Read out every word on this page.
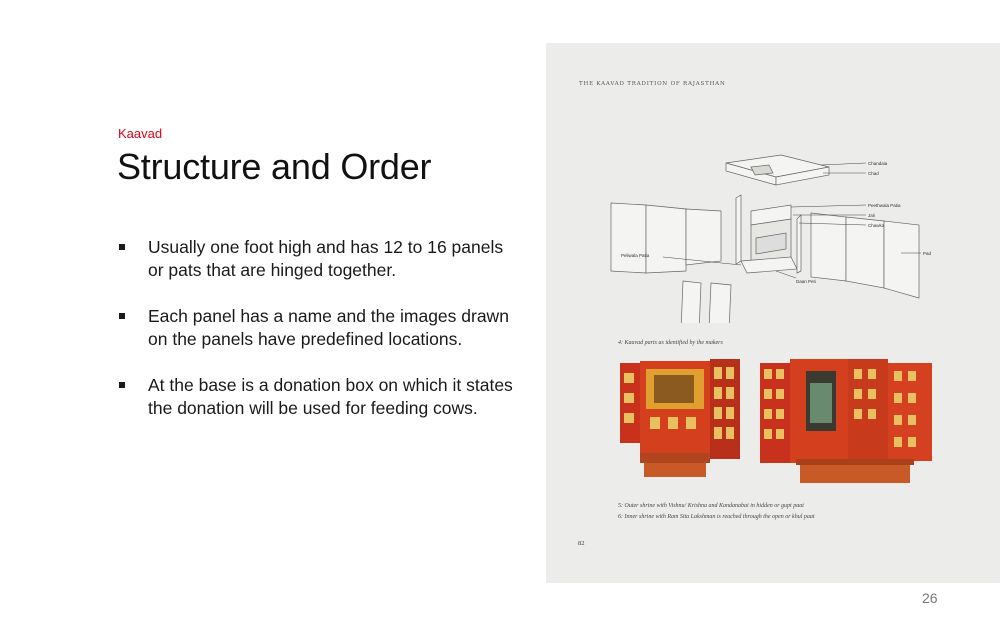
Kaavad
Structure and Order
Usually one foot high and has 12 to 16 panels or pats that are hinged together.
Each panel has a name and the images drawn on the panels have predefined locations.
At the base is a donation box on which it states the donation will be used for feeding cows.
THE KAAVAD TRADITION OF RAJASTHAN
Chandaia
Chad
Peethwala Patia
Jali
Chawka
Pad
Peliwala Patia
Daan Peti
4: Kaavad parts as identified by the makers
5: Outer shrine with Vishnu/ Krishna and Kandanabai in hidden or gupt paat
6: Inner shrine with Ram Sita Lakshman is reached through the open or khul paat
82
26
